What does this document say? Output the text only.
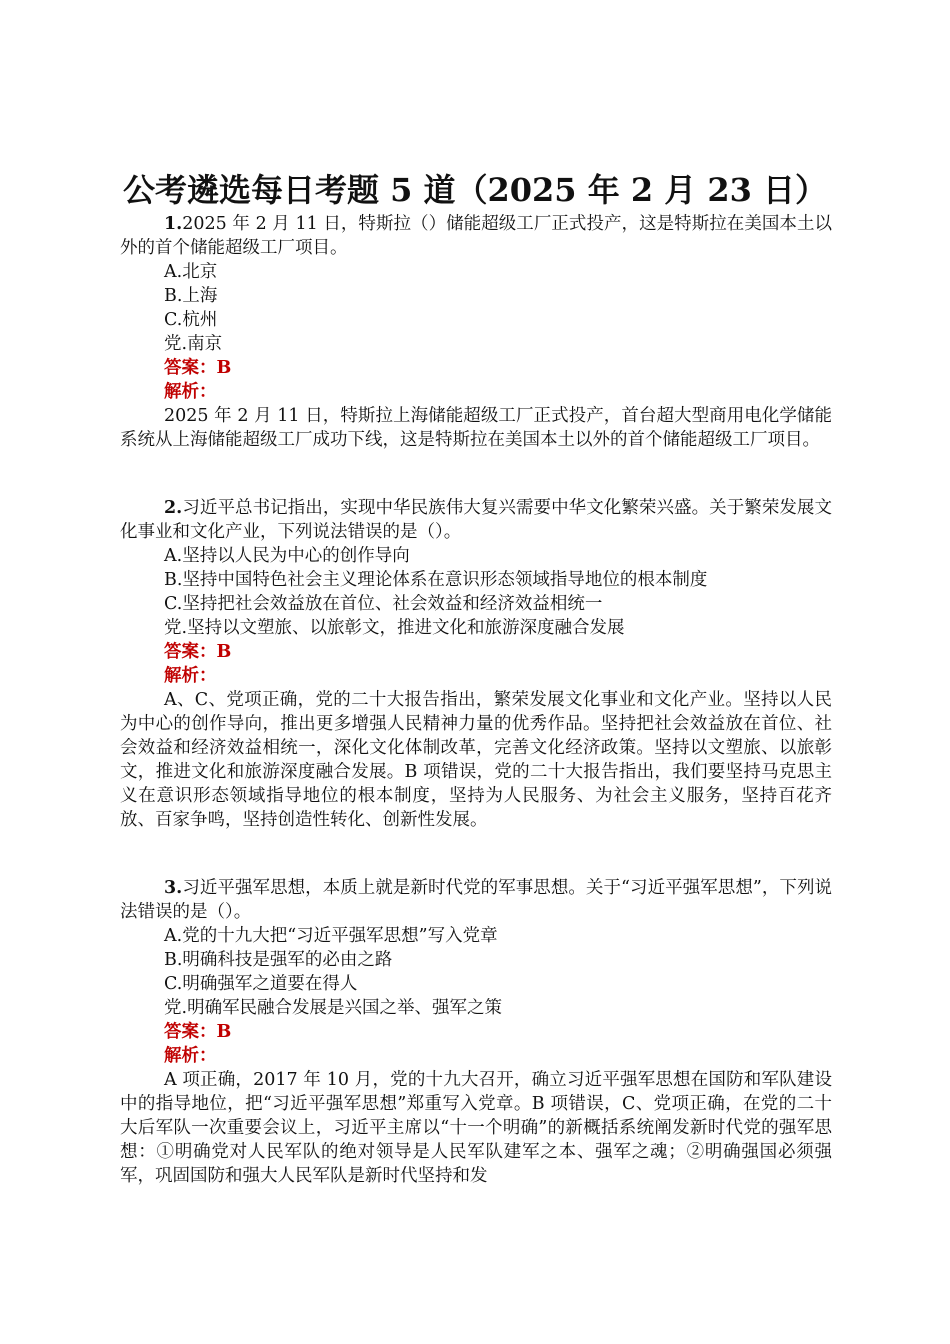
公考遴选每日考题 5 道（2025 年 2 月 23 日）

1.2025 年 2 月 11 日，特斯拉（）储能超级工厂正式投产，这是特斯拉在美国本土以外的首个储能超级工厂项目。

A.北京

B.上海

C.杭州

党.南京

答案：B

解析：

2025 年 2 月 11 日，特斯拉上海储能超级工厂正式投产，首台超大型商用电化学储能系统从上海储能超级工厂成功下线，这是特斯拉在美国本土以外的首个储能超级工厂项目。

2.习近平总书记指出，实现中华民族伟大复兴需要中华文化繁荣兴盛。关于繁荣发展文化事业和文化产业，下列说法错误的是（）。

A.坚持以人民为中心的创作导向

B.坚持中国特色社会主义理论体系在意识形态领域指导地位的根本制度

C.坚持把社会效益放在首位、社会效益和经济效益相统一

党.坚持以文塑旅、以旅彰文，推进文化和旅游深度融合发展

答案：B

解析：

A、C、党项正确，党的二十大报告指出，繁荣发展文化事业和文化产业。坚持以人民为中心的创作导向，推出更多增强人民精神力量的优秀作品。坚持把社会效益放在首位、社会效益和经济效益相统一，深化文化体制改革，完善文化经济政策。坚持以文塑旅、以旅彰文，推进文化和旅游深度融合发展。B 项错误，党的二十大报告指出，我们要坚持马克思主义在意识形态领域指导地位的根本制度，坚持为人民服务、为社会主义服务，坚持百花齐放、百家争鸣，坚持创造性转化、创新性发展。

3.习近平强军思想，本质上就是新时代党的军事思想。关于“习近平强军思想”，下列说法错误的是（）。

A.党的十九大把“习近平强军思想”写入党章

B.明确科技是强军的必由之路

C.明确强军之道要在得人

党.明确军民融合发展是兴国之举、强军之策

答案：B

解析：

A 项正确，2017 年 10 月，党的十九大召开，确立习近平强军思想在国防和军队建设中的指导地位，把“习近平强军思想”郑重写入党章。B 项错误，C、党项正确，在党的二十大后军队一次重要会议上，习近平主席以“十一个明确”的新概括系统阐发新时代党的强军思想：①明确党对人民军队的绝对领导是人民军队建军之本、强军之魂；②明确强国必须强军，巩固国防和强大人民军队是新时代坚持和发
